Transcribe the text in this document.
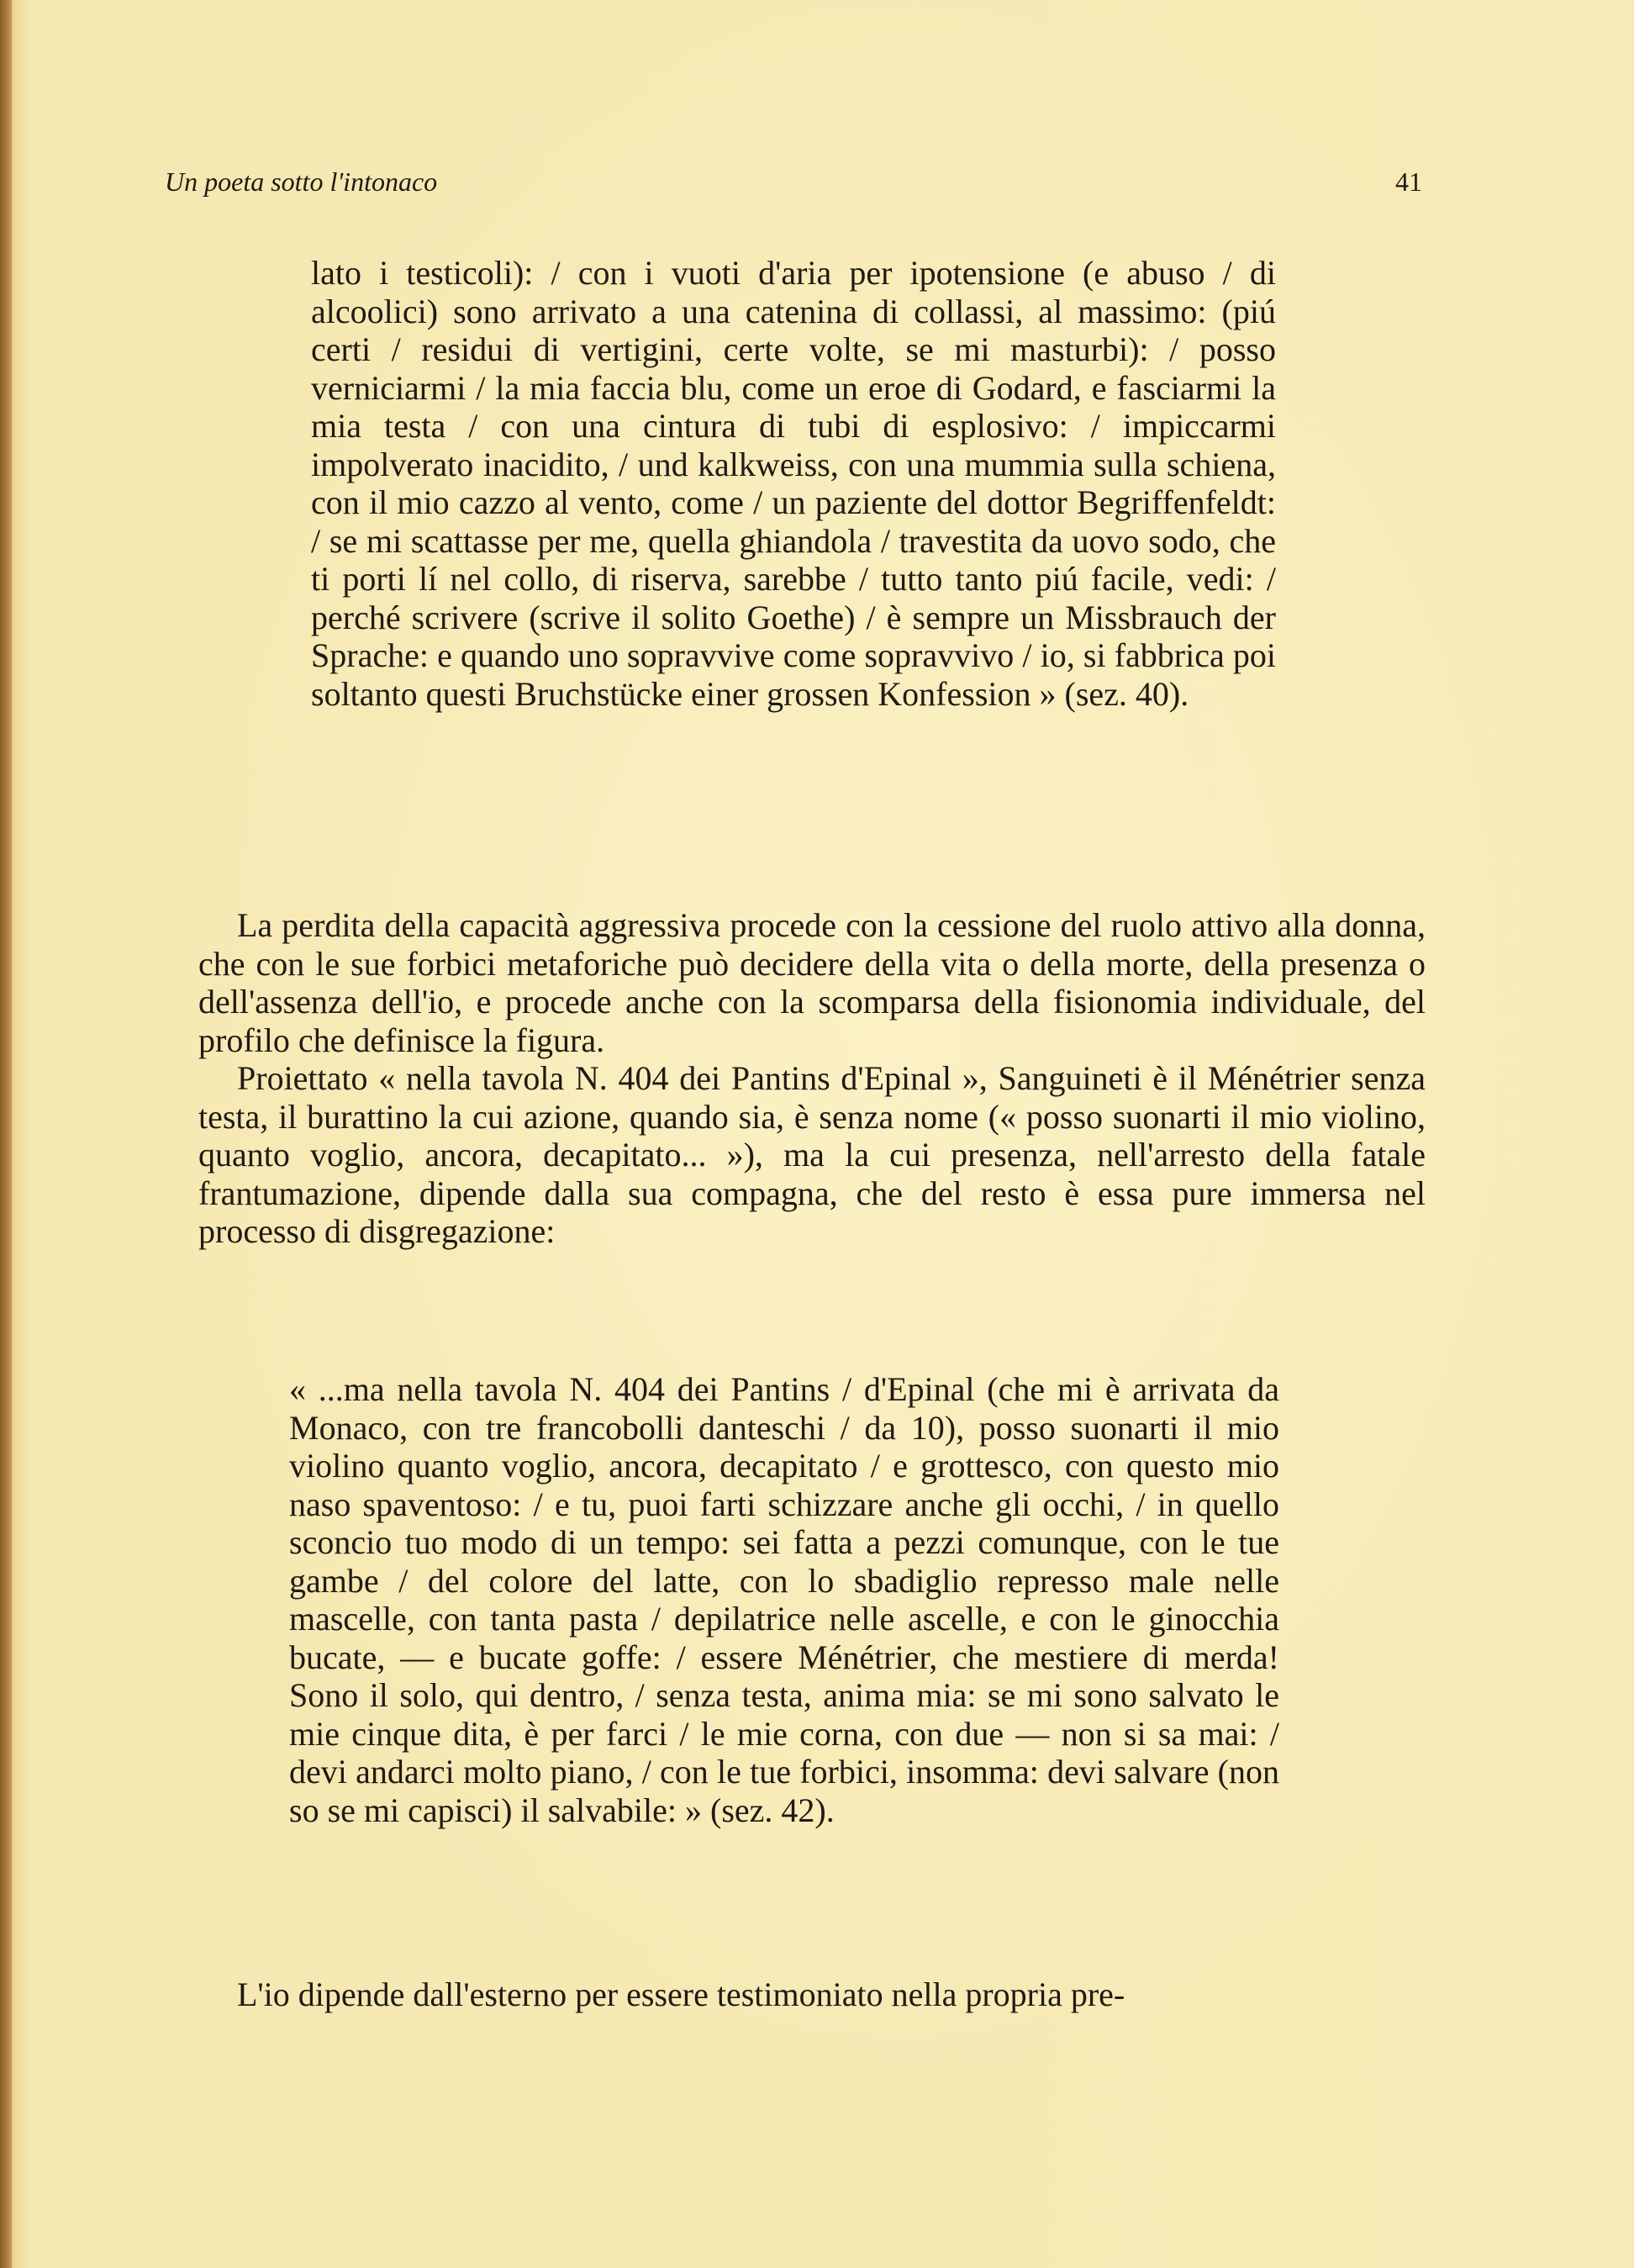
Un poeta sotto l'intonaco	41

lato i testicoli): / con i vuoti d'aria per ipotensione (e abuso / di alcoolici) sono arrivato a una catenina di collassi, al massimo: (piú certi / residui di vertigini, certe volte, se mi masturbi): / posso verniciarmi / la mia faccia blu, come un eroe di Godard, e fasciarmi la mia testa / con una cintura di tubi di esplosivo: / impiccarmi impolverato inacidito, / und kalkweiss, con una mummia sulla schiena, con il mio cazzo al vento, come / un paziente del dottor Begriffenfeldt: / se mi scattasse per me, quella ghiandola / travestita da uovo sodo, che ti porti lí nel collo, di riserva, sarebbe / tutto tanto piú facile, vedi: / perché scrivere (scrive il solito Goethe) / è sempre un Missbrauch der Sprache: e quando uno sopravvive come sopravvivo / io, si fabbrica poi soltanto questi Bruchstücke einer grossen Konfession » (sez. 40).

La perdita della capacità aggressiva procede con la cessione del ruolo attivo alla donna, che con le sue forbici metaforiche può decidere della vita o della morte, della presenza o dell'assenza dell'io, e procede anche con la scomparsa della fisionomia individuale, del profilo che definisce la figura.

Proiettato « nella tavola N. 404 dei Pantins d'Epinal », Sanguineti è il Ménétrier senza testa, il burattino la cui azione, quando sia, è senza nome (« posso suonarti il mio violino, quanto voglio, ancora, decapitato... »), ma la cui presenza, nell'arresto della fatale frantumazione, dipende dalla sua compagna, che del resto è essa pure immersa nel processo di disgregazione:

« ...ma nella tavola N. 404 dei Pantins / d'Epinal (che mi è arrivata da Monaco, con tre francobolli danteschi / da 10), posso suonarti il mio violino quanto voglio, ancora, decapitato / e grottesco, con questo mio naso spaventoso: / e tu, puoi farti schizzare anche gli occhi, / in quello sconcio tuo modo di un tempo: sei fatta a pezzi comunque, con le tue gambe / del colore del latte, con lo sbadiglio represso male nelle mascelle, con tanta pasta / depilatrice nelle ascelle, e con le ginocchia bucate, — e bucate goffe: / essere Ménétrier, che mestiere di merda! Sono il solo, qui dentro, / senza testa, anima mia: se mi sono salvato le mie cinque dita, è per farci / le mie corna, con due — non si sa mai: / devi andarci molto piano, / con le tue forbici, insomma: devi salvare (non so se mi capisci) il salvabile: » (sez. 42).

L'io dipende dall'esterno per essere testimoniato nella propria pre-
